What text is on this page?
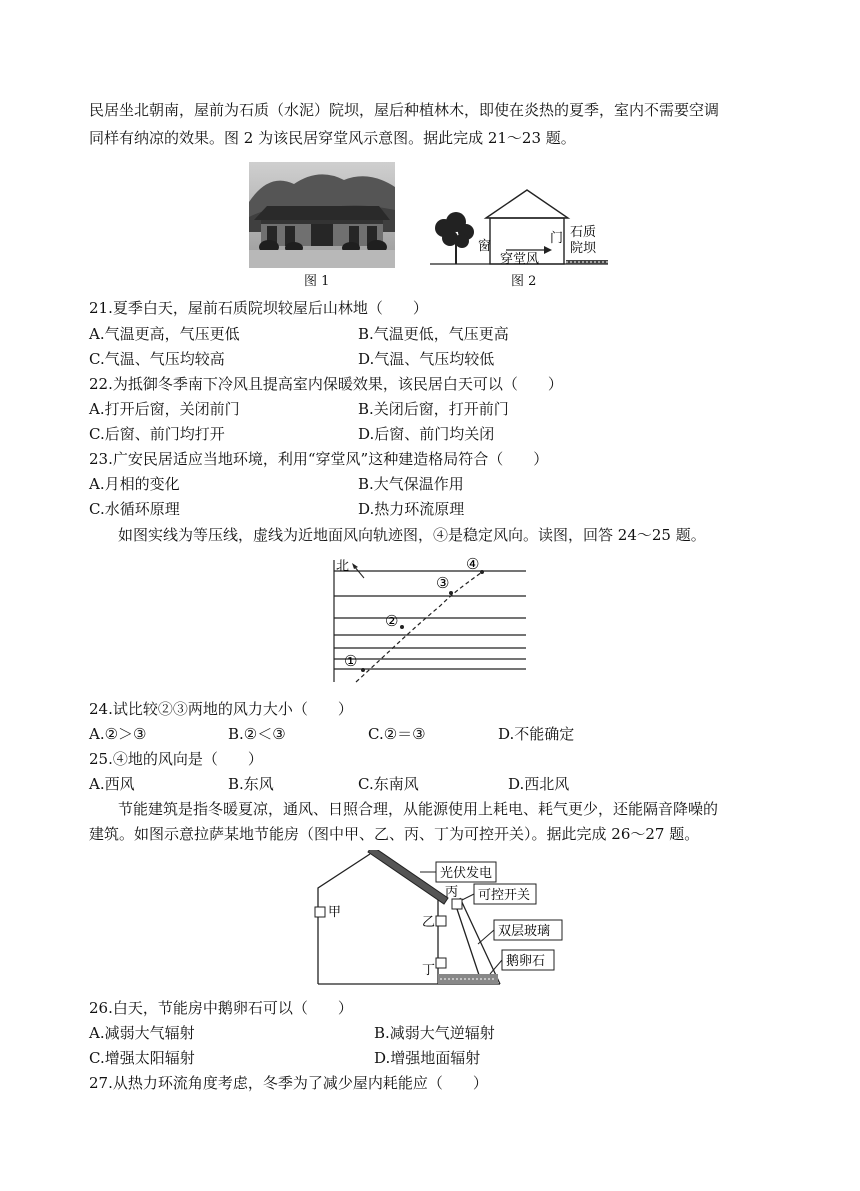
民居坐北朝南，屋前为石质（水泥）院坝，屋后种植林木，即使在炎热的夏季，室内不需要空调
同样有纳凉的效果。图 2 为该民居穿堂风示意图。据此完成 21～23 题。
图 1
窗
穿堂风
门 石质
院坝
图 2
21.夏季白天，屋前石质院坝较屋后山林地（　　）
A.气温更高，气压更低	B.气温更低，气压更高
C.气温、气压均较高	D.气温、气压均较低
22.为抵御冬季南下冷风且提高室内保暖效果，该民居白天可以（　　）
A.打开后窗，关闭前门	B.关闭后窗，打开前门
C.后窗、前门均打开	D.后窗、前门均关闭
23.广安民居适应当地环境，利用“穿堂风”这种建造格局符合（　　）
A.月相的变化	B.大气保温作用
C.水循环原理	D.热力环流原理
如图实线为等压线，虚线为近地面风向轨迹图，④是稳定风向。读图，回答 24～25 题。
①
②
③
④
北
24.试比较②③两地的风力大小（　　）
A.②＞③	B.②＜③	C.②＝③	D.不能确定
25.④地的风向是（　　）
A.西风	B.东风	C.东南风	D.西北风
节能建筑是指冬暖夏凉，通风、日照合理，从能源使用上耗电、耗气更少，还能隔音降噪的
建筑。如图示意拉萨某地节能房（图中甲、乙、丙、丁为可控开关）。据此完成 26～27 题。
甲
乙
丁
丙
光伏发电
可控开关
双层玻璃
鹅卵石
26.白天，节能房中鹅卵石可以（　　）
A.减弱大气辐射	B.减弱大气逆辐射
C.增强太阳辐射	D.增强地面辐射
27.从热力环流角度考虑，冬季为了减少屋内耗能应（　　）
